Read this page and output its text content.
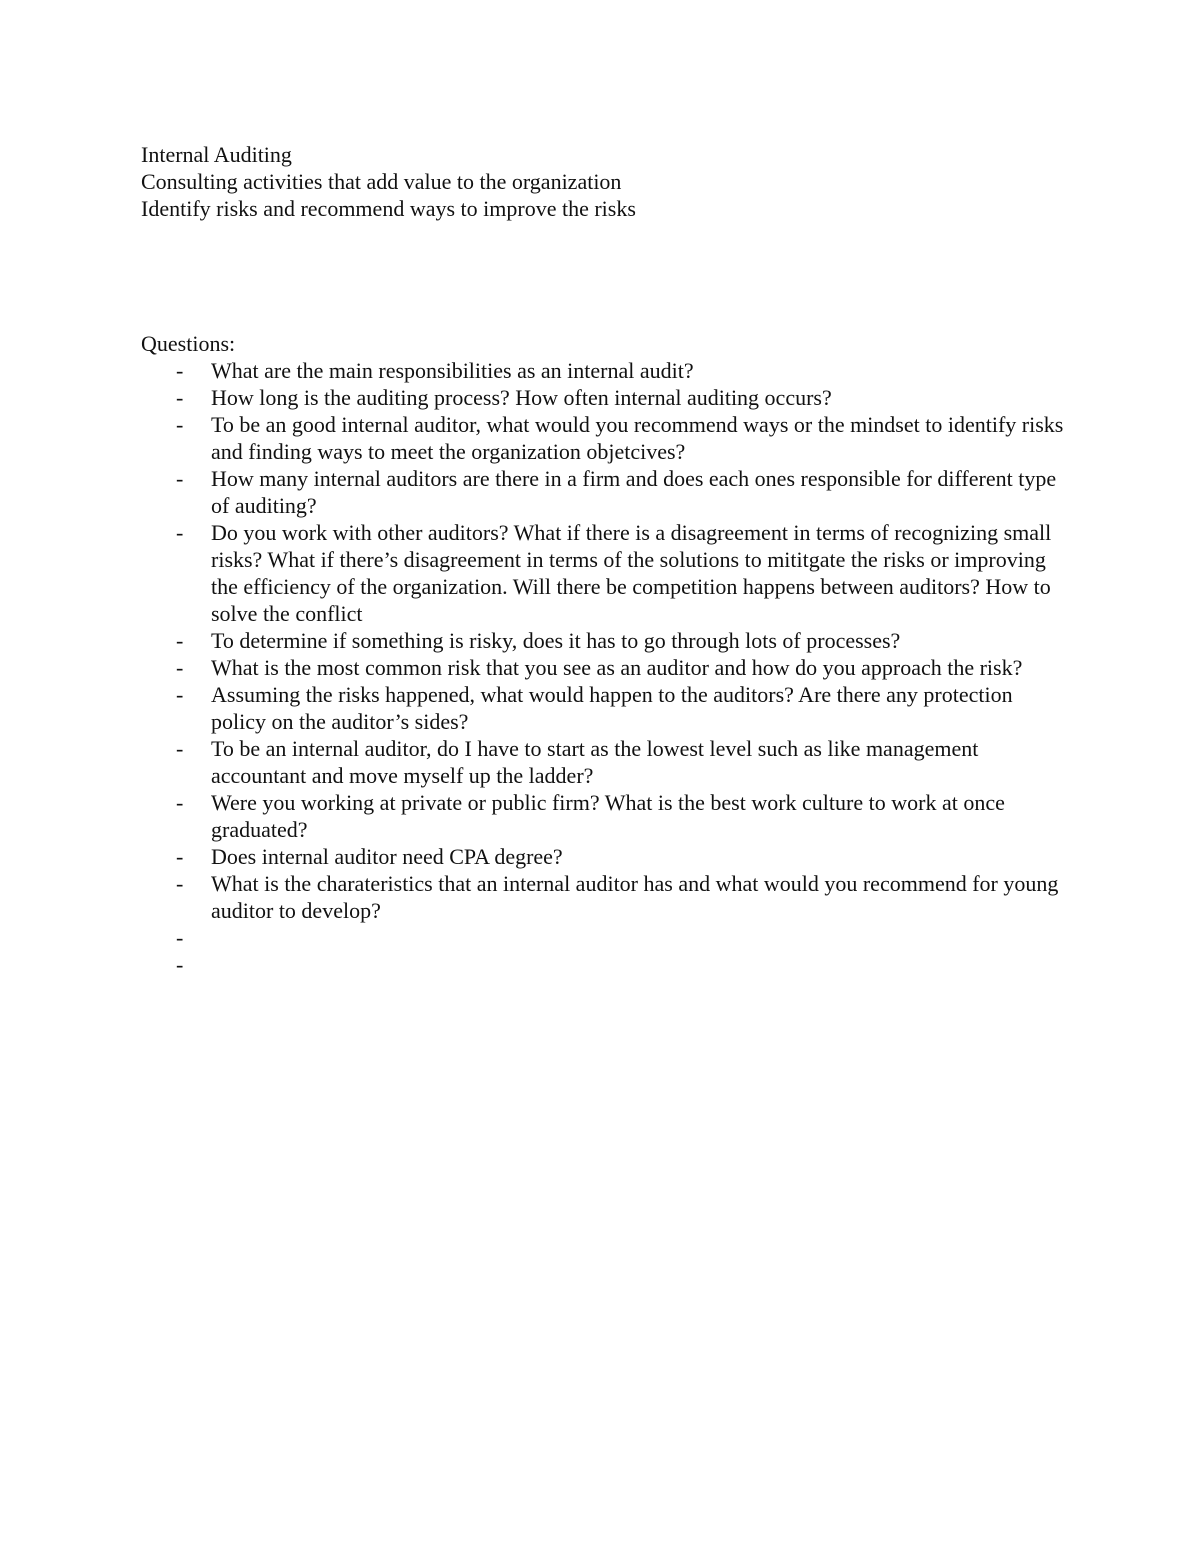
Internal Auditing

Consulting activities that add value to the organization

Identify risks and recommend ways to improve the risks

Questions:

- What are the main responsibilities as an internal audit?
- How long is the auditing process? How often internal auditing occurs?
- To be an good internal auditor, what would you recommend ways or the mindset to identify risks and finding ways to meet the organization objetcives?
- How many internal auditors are there in a firm and does each ones responsible for different type of auditing?
- Do you work with other auditors? What if there is a disagreement in terms of recognizing small risks? What if there’s disagreement in terms of the solutions to mititgate the risks or improving the efficiency of the organization. Will there be competition happens between auditors? How to solve the conflict
- To determine if something is risky, does it has to go through lots of processes?
- What is the most common risk that you see as an auditor and how do you approach the risk?
- Assuming the risks happened, what would happen to the auditors? Are there any protection policy on the auditor’s sides?
- To be an internal auditor, do I have to start as the lowest level such as like management accountant and move myself up the ladder?
- Were you working at private or public firm? What is the best work culture to work at once graduated?
- Does internal auditor need CPA degree?
- What is the charateristics that an internal auditor has and what would you recommend for young auditor to develop?
-
-
